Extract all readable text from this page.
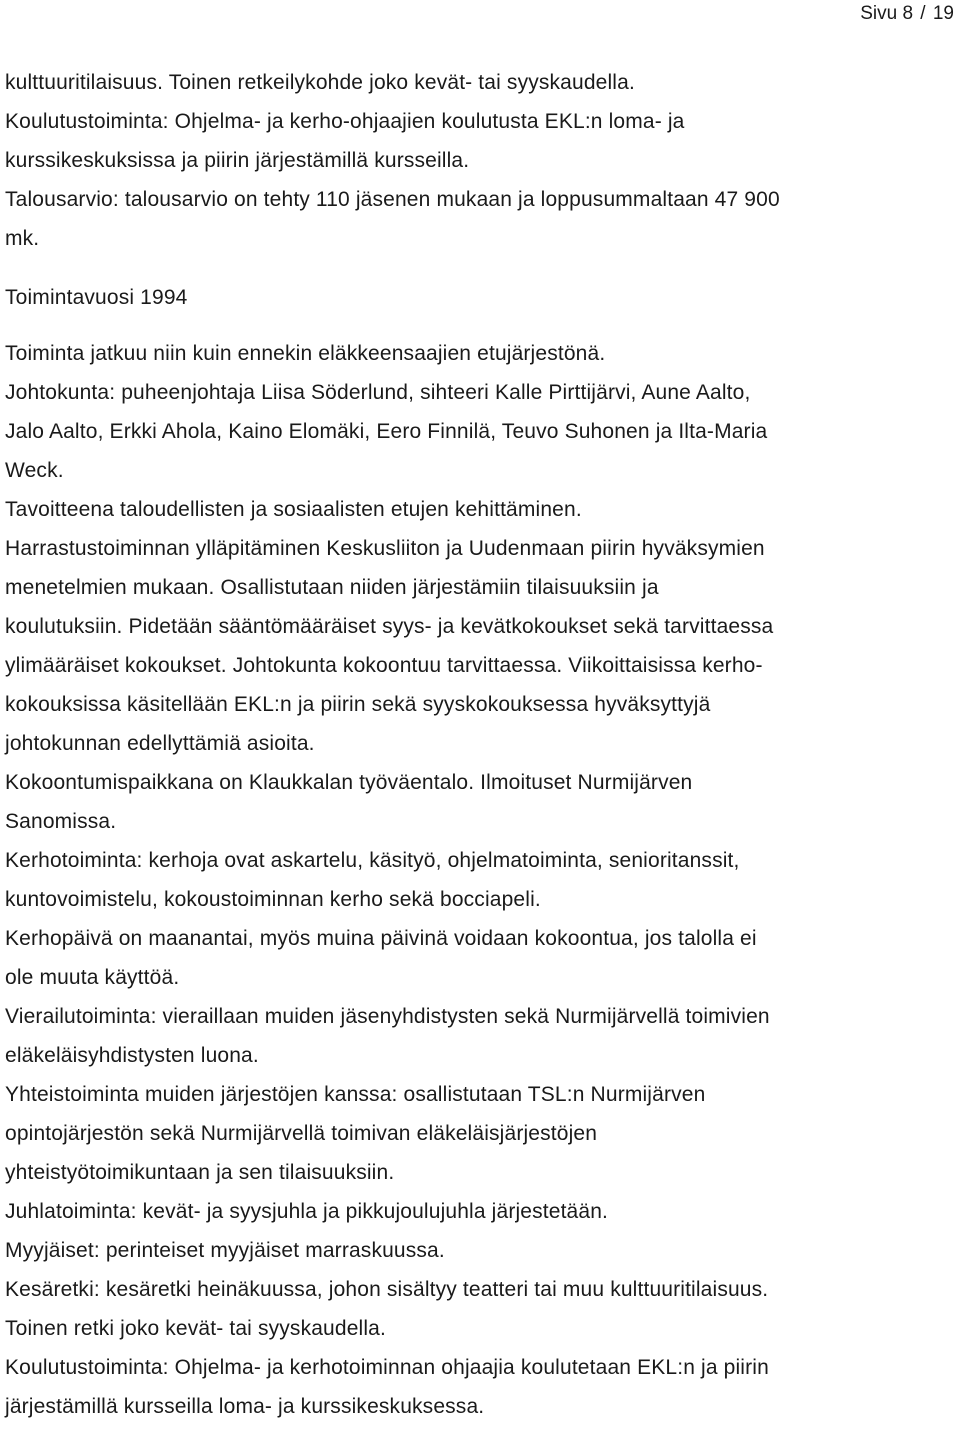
Sivu 8 / 19
kulttuuritilaisuus. Toinen retkeilykohde joko kevät- tai syyskaudella.
Koulutustoiminta: Ohjelma- ja kerho-ohjaajien koulutusta EKL:n loma- ja
kurssikeskuksissa ja piirin järjestämillä kursseilla.
Talousarvio: talousarvio on tehty 110 jäsenen mukaan ja loppusummaltaan 47 900
mk.
Toimintavuosi 1994
Toiminta jatkuu niin kuin ennekin eläkkeensaajien etujärjestönä.
Johtokunta: puheenjohtaja Liisa Söderlund, sihteeri Kalle Pirttijärvi, Aune Aalto,
Jalo Aalto, Erkki Ahola, Kaino Elomäki, Eero Finnilä, Teuvo Suhonen ja Ilta-Maria
Weck.
Tavoitteena taloudellisten ja sosiaalisten etujen kehittäminen.
Harrastustoiminnan ylläpitäminen Keskusliiton ja Uudenmaan piirin hyväksymien
menetelmien mukaan. Osallistutaan niiden järjestämiin tilaisuuksiin ja
koulutuksiin. Pidetään sääntömääräiset syys- ja kevätkokoukset sekä tarvittaessa
ylimääräiset kokoukset. Johtokunta kokoontuu tarvittaessa. Viikoittaisissa kerho-
kokouksissa käsitellään EKL:n ja piirin sekä syyskokouksessa hyväksyttyjä
johtokunnan edellyttämiä asioita.
Kokoontumispaikkana on Klaukkalan työväentalo. Ilmoituset Nurmijärven
Sanomissa.
Kerhotoiminta: kerhoja ovat askartelu, käsityö, ohjelmatoiminta, senioritanssit,
kuntovoimistelu, kokoustoiminnan kerho sekä bocciapeli.
Kerhopäivä on maanantai, myös muina päivinä voidaan kokoontua, jos talolla ei
ole muuta käyttöä.
Vierailutoiminta: vieraillaan muiden jäsenyhdistysten sekä Nurmijärvellä toimivien
eläkeläisyhdistysten luona.
Yhteistoiminta muiden järjestöjen kanssa: osallistutaan TSL:n Nurmijärven
opintojärjestön sekä Nurmijärvellä toimivan eläkeläisjärjestöjen
yhteistyötoimikuntaan ja sen tilaisuuksiin.
Juhlatoiminta: kevät- ja syysjuhla ja pikkujoulujuhla järjestetään.
Myyjäiset: perinteiset myyjäiset marraskuussa.
Kesäretki: kesäretki heinäkuussa, johon sisältyy teatteri tai muu kulttuuritilaisuus.
Toinen retki joko kevät- tai syyskaudella.
Koulutustoiminta: Ohjelma- ja kerhotoiminnan ohjaajia koulutetaan EKL:n ja piirin
järjestämillä kursseilla loma- ja kurssikeskuksessa.
